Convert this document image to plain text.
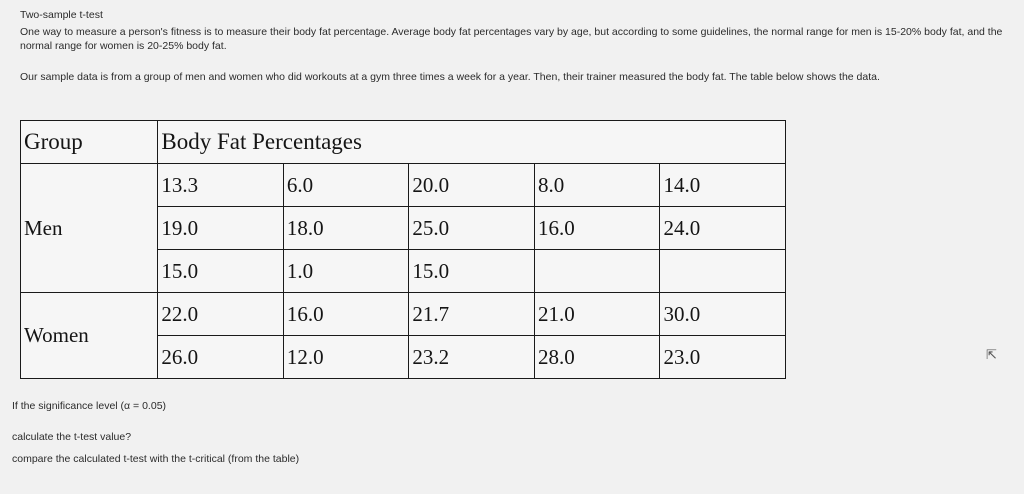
Two-sample t-test

One way to measure a person's fitness is to measure their body fat percentage. Average body fat percentages vary by age, but according to some guidelines, the normal range for men is 15-20% body fat, and the normal range for women is 20-25% body fat.

Our sample data is from a group of men and women who did workouts at a gym three times a week for a year. Then, their trainer measured the body fat. The table below shows the data.

Group	Body Fat Percentages				
Men	13.3	6.0	20.0	8.0	14.0
	19.0	18.0	25.0	16.0	24.0
	15.0	1.0	15.0		
Women	22.0	16.0	21.7	21.0	30.0
	26.0	12.0	23.2	28.0	23.0

If the significance level (α = 0.05)

calculate the t-test value?

compare the calculated t-test with the t-critical (from the table)

⇱
